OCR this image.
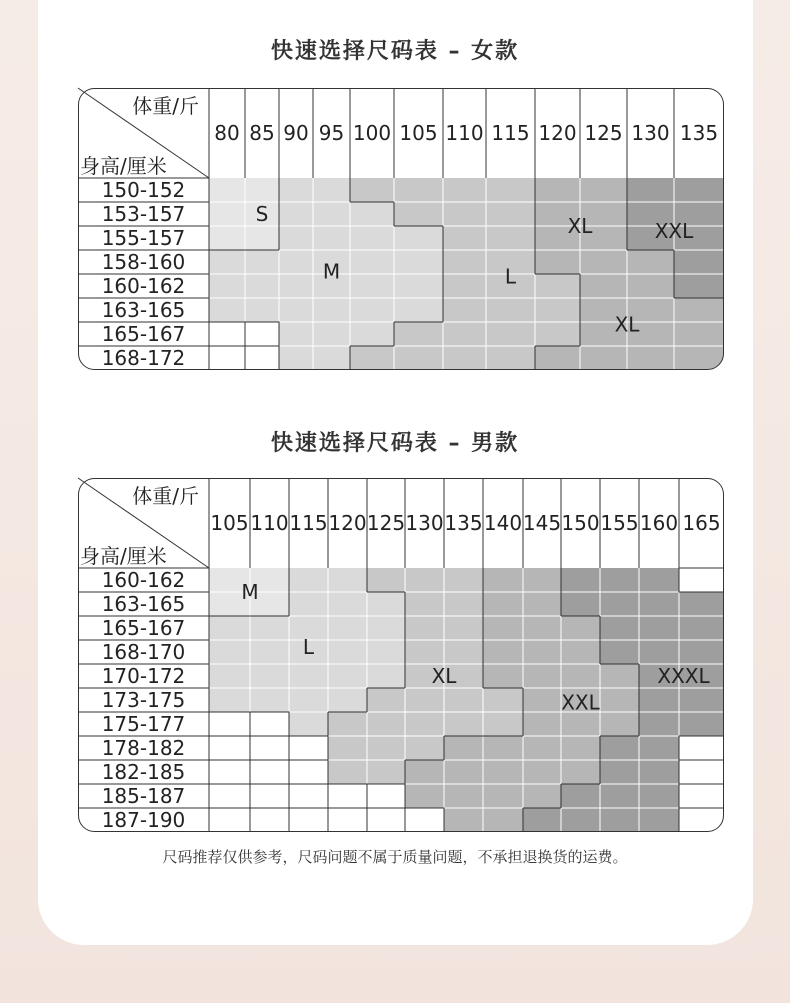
快速选择尺码表 – 女款
体重/斤
身高/厘米
80 85 90 95 100 105 110 115 120 125 130 135
150-152
153-157
155-157
158-160
160-162
163-165
165-167
168-172
S
M	L
XL	XXL
XL
快速选择尺码表 – 男款
体重/斤
身高/厘米
105 110 115 120 125 130 135 140 145 150 155 160 165
160-162
163-165
165-167
168-170
170-172
173-175
175-177
178-182
182-185
185-187
187-190
M
L
XL
XXL
XXXL
尺码推荐仅供参考，尺码问题不属于质量问题，不承担退换货的运费。
